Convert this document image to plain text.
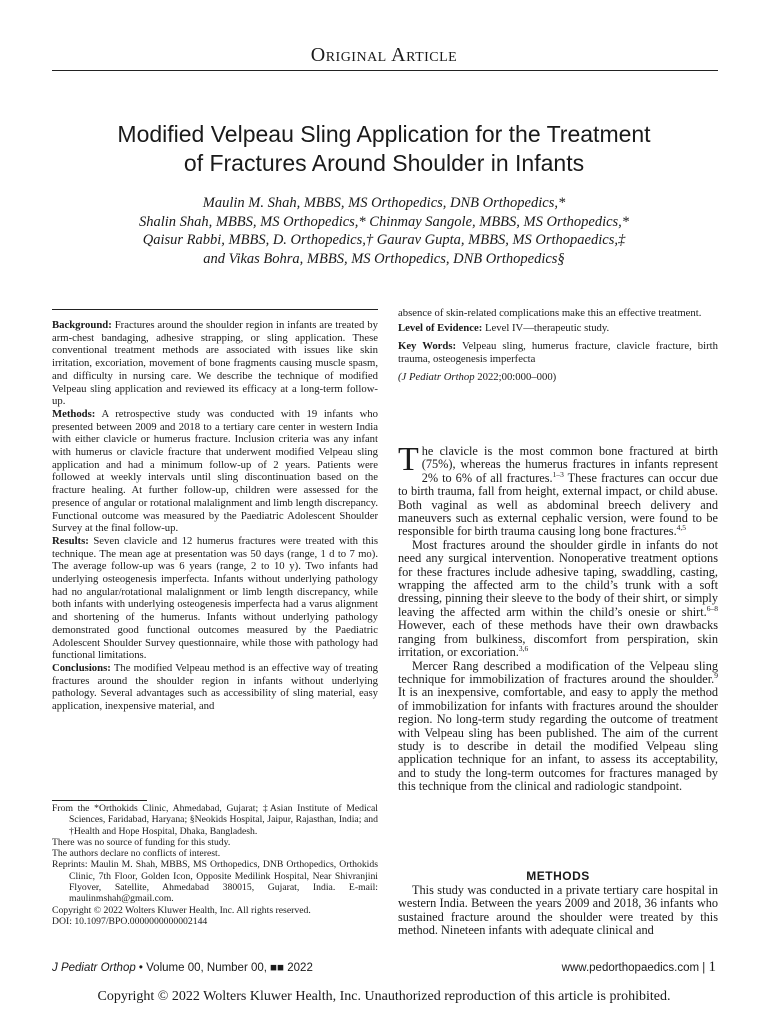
Original Article
Modified Velpeau Sling Application for the Treatment
of Fractures Around Shoulder in Infants
Maulin M. Shah, MBBS, MS Orthopedics, DNB Orthopedics,*
Shalin Shah, MBBS, MS Orthopedics,* Chinmay Sangole, MBBS, MS Orthopedics,*
Qaisur Rabbi, MBBS, D. Orthopedics,† Gaurav Gupta, MBBS, MS Orthopaedics,‡
and Vikas Bohra, MBBS, MS Orthopedics, DNB Orthopedics§

Background: Fractures around the shoulder region in infants are treated by arm-chest bandaging, adhesive strapping, or sling application. These conventional treatment methods are associated with issues like skin irritation, excoriation, movement of bone fragments causing muscle spasm, and difficulty in nursing care. We describe the technique of modified Velpeau sling application and reviewed its efficacy at a long-term follow-up.

Methods: A retrospective study was conducted with 19 infants who presented between 2009 and 2018 to a tertiary care center in western India with either clavicle or humerus fracture. Inclusion criteria was any infant with humerus or clavicle fracture that underwent modified Velpeau sling application and had a minimum follow-up of 2 years. Patients were followed at weekly intervals until sling discontinuation based on the fracture healing. At further follow-up, children were assessed for the presence of angular or rotational malalignment and limb length discrepancy. Functional outcome was measured by the Paediatric Adolescent Shoulder Survey at the final follow-up.

Results: Seven clavicle and 12 humerus fractures were treated with this technique. The mean age at presentation was 50 days (range, 1 d to 7 mo). The average follow-up was 6 years (range, 2 to 10 y). Two infants had underlying osteogenesis imperfecta. Infants without underlying pathology had no angular/rotational malalignment or limb length discrepancy, while both infants with underlying osteogenesis imperfecta had a varus alignment and shortening of the humerus. Infants without underlying pathology demonstrated good functional outcomes measured by the Paediatric Adolescent Shoulder Survey questionnaire, while those with pathology had functional limitations.

Conclusions: The modified Velpeau method is an effective way of treating fractures around the shoulder region in infants without underlying pathology. Several advantages such as accessibility of sling material, easy application, inexpensive material, and

absence of skin-related complications make this an effective treatment.

Level of Evidence: Level IV—therapeutic study.

Key Words: Velpeau sling, humerus fracture, clavicle fracture, birth trauma, osteogenesis imperfecta

(J Pediatr Orthop 2022;00:000–000)

The clavicle is the most common bone fractured at birth (75%), whereas the humerus fractures in infants represent 2% to 6% of all fractures.$^{1-3}$ These fractures can occur due to birth trauma, fall from height, external impact, or child abuse. Both vaginal as well as abdominal breech delivery and maneuvers such as external cephalic version, were found to be responsible for birth trauma causing long bone fractures.$^{4,5}$

Most fractures around the shoulder girdle in infants do not need any surgical intervention. Nonoperative treatment options for these fractures include adhesive taping, swaddling, casting, wrapping the affected arm to the child’s trunk with a soft dressing, pinning their sleeve to the body of their shirt, or simply leaving the affected arm within the child’s onesie or shirt.$^{6-8}$ However, each of these methods have their own drawbacks ranging from bulkiness, discomfort from perspiration, skin irritation, or excoriation.$^{3,6}$

Mercer Rang described a modification of the Velpeau sling technique for immobilization of fractures around the shoulder.$^9$ It is an inexpensive, comfortable, and easy to apply the method of immobilization for infants with fractures around the shoulder region. No long-term study regarding the outcome of treatment with Velpeau sling has been published. The aim of the current study is to describe in detail the modified Velpeau sling application technique for an infant, to assess its acceptability, and to study the long-term outcomes for fractures managed by this technique from the clinical and radiologic standpoint.

METHODS

This study was conducted in a private tertiary care hospital in western India. Between the years 2009 and 2018, 36 infants who sustained fracture around the shoulder were treated by this method. Nineteen infants with adequate clinical and

From the *Orthokids Clinic, Ahmedabad, Gujarat; ‡Asian Institute of Medical Sciences, Faridabad, Haryana; §Neokids Hospital, Jaipur, Rajasthan, India; and †Health and Hope Hospital, Dhaka, Bangladesh.
There was no source of funding for this study.
The authors declare no conflicts of interest.
Reprints: Maulin M. Shah, MBBS, MS Orthopedics, DNB Orthopedics, Orthokids Clinic, 7th Floor, Golden Icon, Opposite Medilink Hospital, Near Shivranjini Flyover, Satellite, Ahmedabad 380015, Gujarat, India. E-mail: maulinmshah@gmail.com.
Copyright © 2022 Wolters Kluwer Health, Inc. All rights reserved.
DOI: 10.1097/BPO.0000000000002144
J Pediatr Orthop • Volume 00, Number 00, ■■ 2022	www.pedorthopaedics.com | 1
Copyright © 2022 Wolters Kluwer Health, Inc. Unauthorized reproduction of this article is prohibited.
